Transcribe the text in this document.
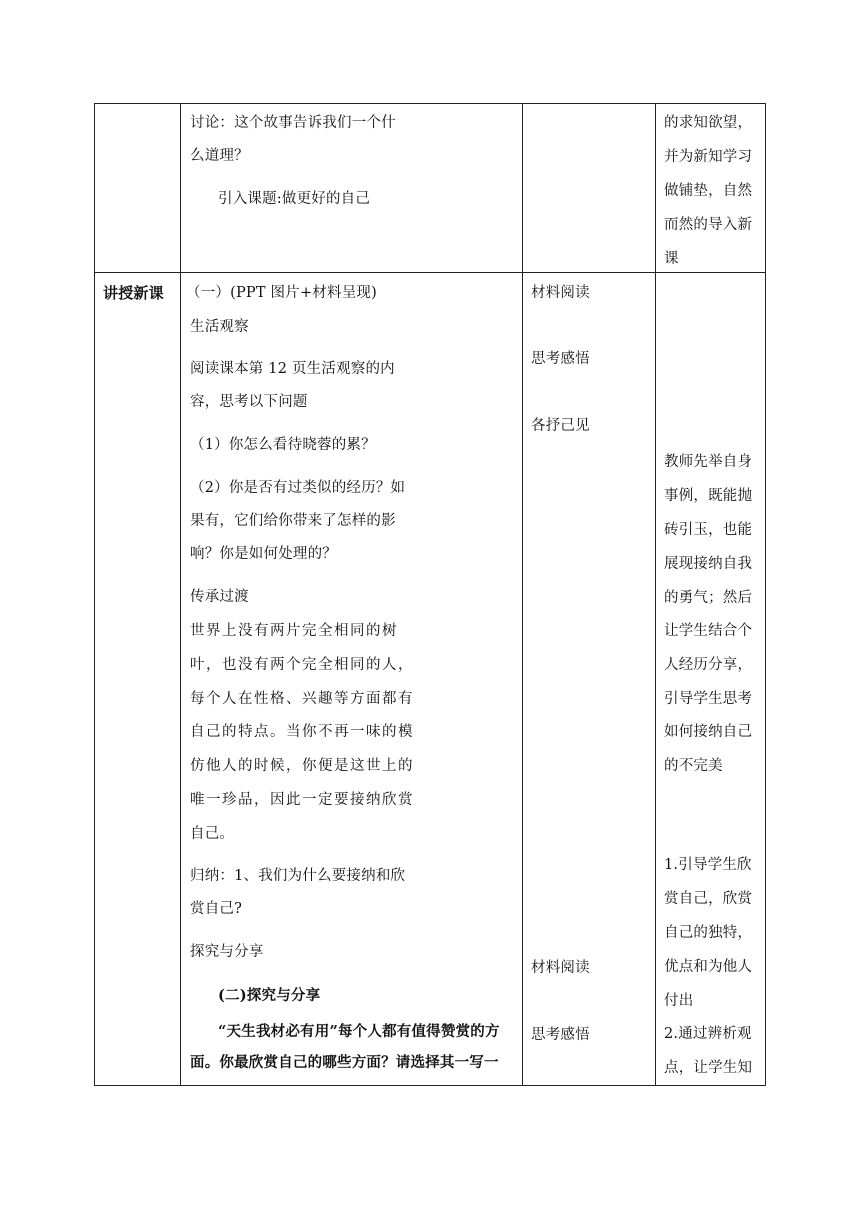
讨论：这个故事告诉我们一个什
么道理？
引入课题:做更好的自己
的求知欲望，
并为新知学习
做铺垫，自然
而然的导入新
课
讲授新课 （一）(PPT 图片+材料呈现)
生活观察
阅读课本第 12 页生活观察的内
容，思考以下问题
（1）你怎么看待晓蓉的累？
（2）你是否有过类似的经历？如
果有，它们给你带来了怎样的影
响？你是如何处理的？
传承过渡
世界上没有两片完全相同的树
叶，也没有两个完全相同的人，
每个人在性格、兴趣等方面都有
自己的特点。当你不再一味的模
仿他人的时候，你便是这世上的
唯一珍品，因此一定要接纳欣赏
自己。
归纳：1、我们为什么要接纳和欣
赏自己?
探究与分享
(二)探究与分享
“天生我材必有用”每个人都有值得赞赏的方
面。你最欣赏自己的哪些方面？请选择其一写一
材料阅读
思考感悟
各抒己见
材料阅读
思考感悟
教师先举自身
事例，既能抛
砖引玉，也能
展现接纳自我
的勇气；然后
让学生结合个
人经历分享，
引导学生思考
如何接纳自己
的不完美
1.引导学生欣
赏自己，欣赏
自己的独特，
优点和为他人
付出
2.通过辨析观
点，让学生知
